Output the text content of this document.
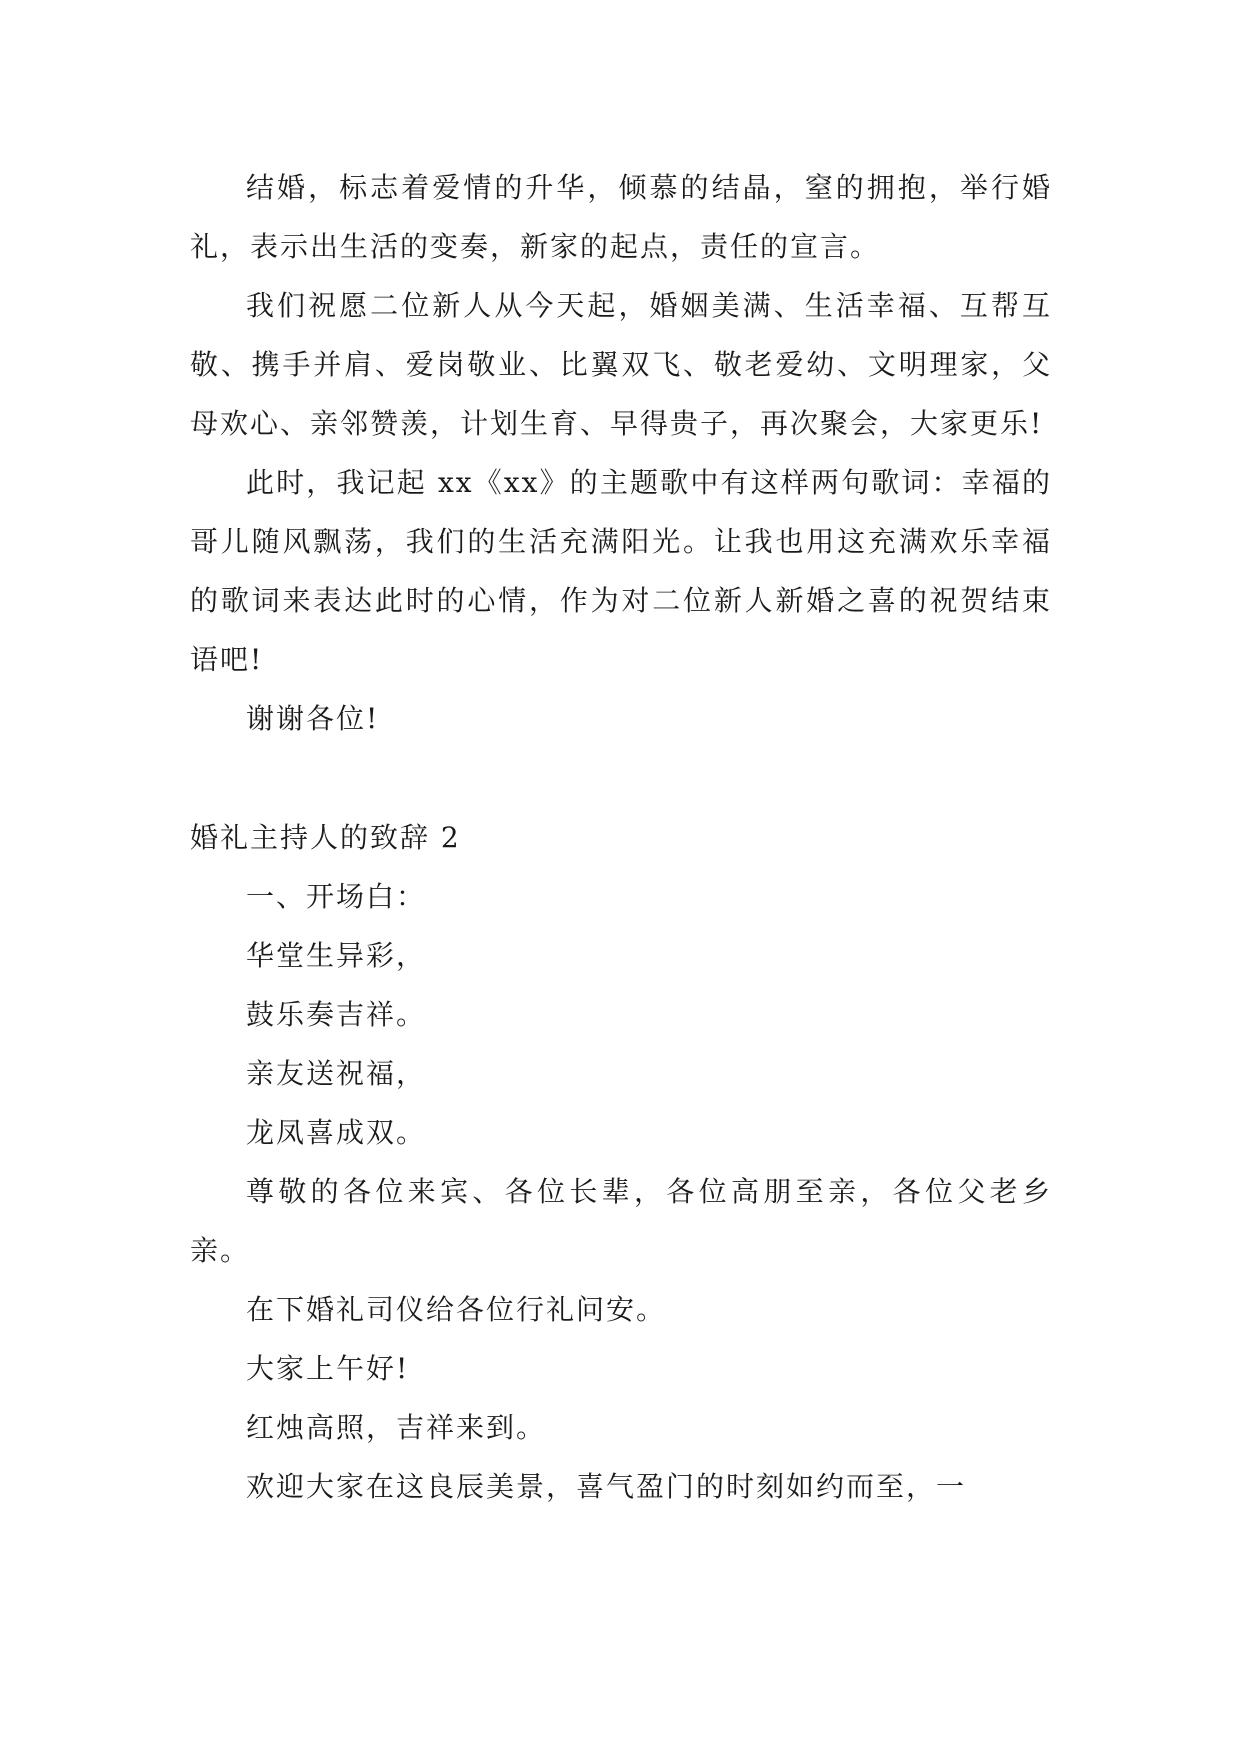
结婚，标志着爱情的升华，倾慕的结晶，窒的拥抱，举行婚礼，表示出生活的变奏，新家的起点，责任的宣言。

我们祝愿二位新人从今天起，婚姻美满、生活幸福、互帮互敬、携手并肩、爱岗敬业、比翼双飞、敬老爱幼、文明理家，父母欢心、亲邻赞羡，计划生育、早得贵子，再次聚会，大家更乐!

此时，我记起 xx《xx》的主题歌中有这样两句歌词：幸福的哥儿随风飘荡，我们的生活充满阳光。让我也用这充满欢乐幸福的歌词来表达此时的心情，作为对二位新人新婚之喜的祝贺结束语吧!

谢谢各位!

婚礼主持人的致辞 2

一、开场白：

华堂生异彩，

鼓乐奏吉祥。

亲友送祝福，

龙凤喜成双。

尊敬的各位来宾、各位长辈，各位高朋至亲，各位父老乡亲。

在下婚礼司仪给各位行礼问安。

大家上午好!

红烛高照，吉祥来到。

欢迎大家在这良辰美景，喜气盈门的时刻如约而至，一
